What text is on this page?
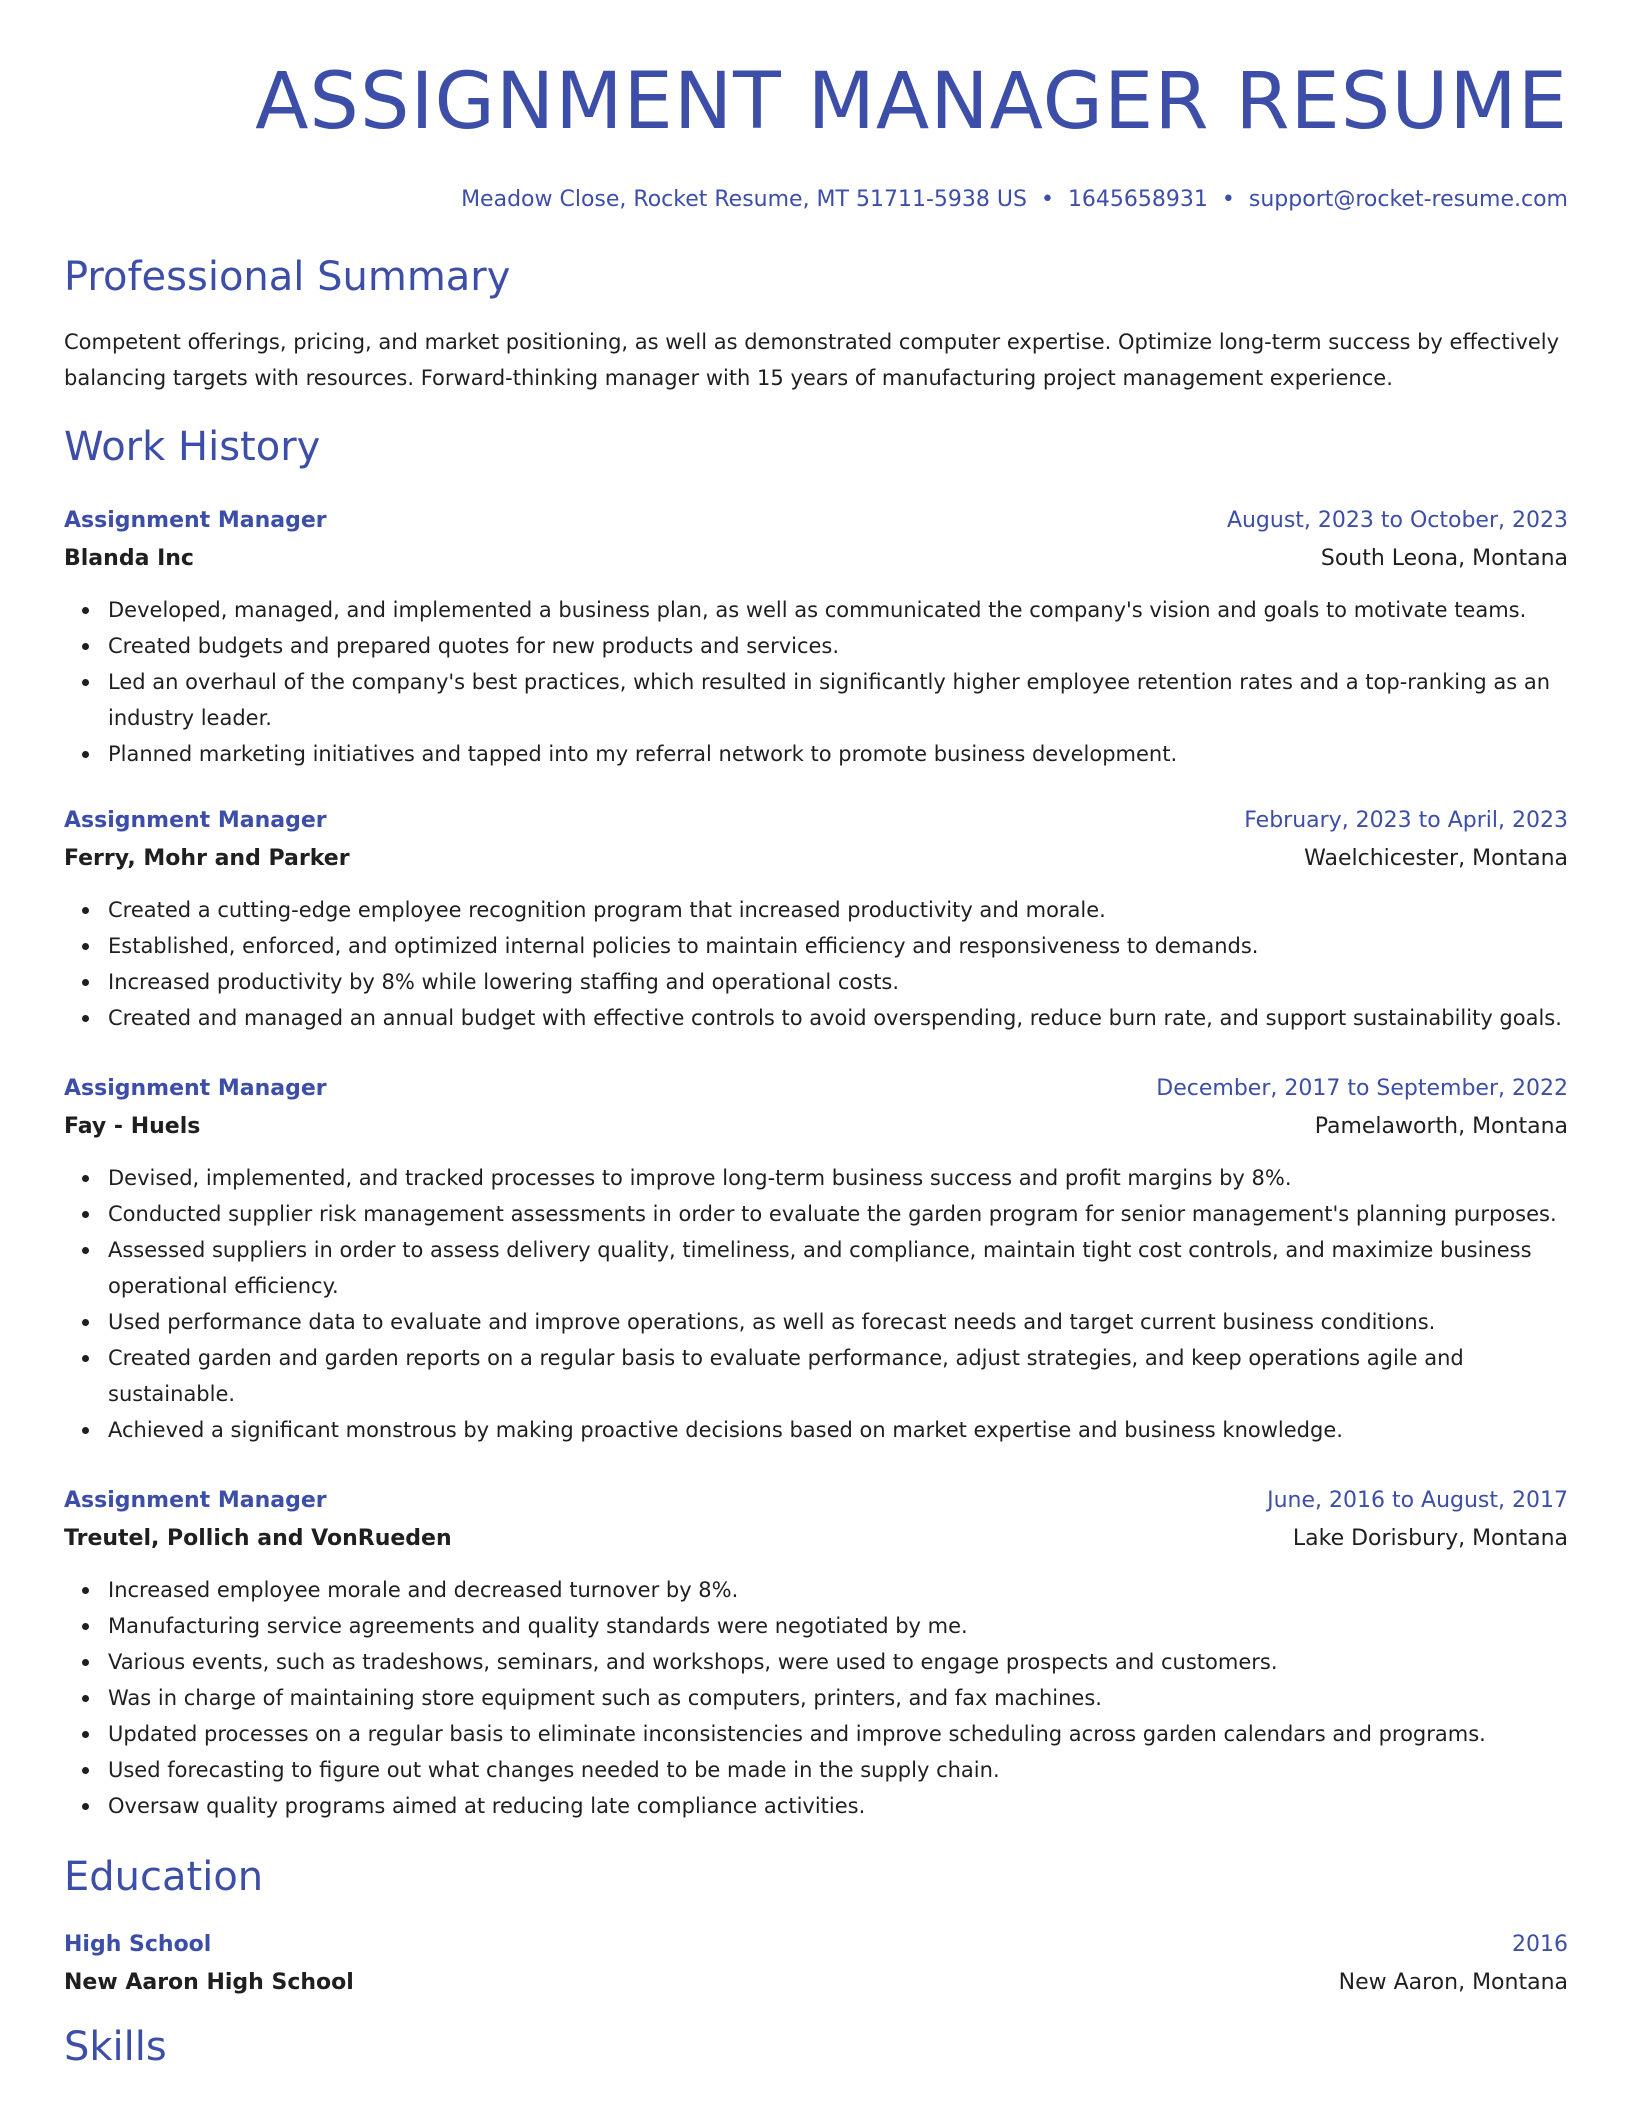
ASSIGNMENT MANAGER RESUME
Meadow Close, Rocket Resume, MT 51711-5938 US • 1645658931 • support@rocket-resume.com
Professional Summary

Competent offerings, pricing, and market positioning, as well as demonstrated computer expertise. Optimize long-term success by effectively balancing targets with resources. Forward-thinking manager with 15 years of manufacturing project management experience.

Work History
Assignment Manager	August, 2023 to October, 2023
Blanda Inc	South Leona, Montana
Developed, managed, and implemented a business plan, as well as communicated the company's vision and goals to motivate teams.
Created budgets and prepared quotes for new products and services.
Led an overhaul of the company's best practices, which resulted in significantly higher employee retention rates and a top-ranking as an industry leader.
Planned marketing initiatives and tapped into my referral network to promote business development.
Assignment Manager	February, 2023 to April, 2023
Ferry, Mohr and Parker	Waelchicester, Montana
Created a cutting-edge employee recognition program that increased productivity and morale.
Established, enforced, and optimized internal policies to maintain efficiency and responsiveness to demands.
Increased productivity by 8% while lowering staffing and operational costs.
Created and managed an annual budget with effective controls to avoid overspending, reduce burn rate, and support sustainability goals.
Assignment Manager	December, 2017 to September, 2022
Fay - Huels	Pamelaworth, Montana
Devised, implemented, and tracked processes to improve long-term business success and profit margins by 8%.
Conducted supplier risk management assessments in order to evaluate the garden program for senior management's planning purposes.
Assessed suppliers in order to assess delivery quality, timeliness, and compliance, maintain tight cost controls, and maximize business operational efficiency.
Used performance data to evaluate and improve operations, as well as forecast needs and target current business conditions.
Created garden and garden reports on a regular basis to evaluate performance, adjust strategies, and keep operations agile and sustainable.
Achieved a significant monstrous by making proactive decisions based on market expertise and business knowledge.
Assignment Manager	June, 2016 to August, 2017
Treutel, Pollich and VonRueden	Lake Dorisbury, Montana
Increased employee morale and decreased turnover by 8%.
Manufacturing service agreements and quality standards were negotiated by me.
Various events, such as tradeshows, seminars, and workshops, were used to engage prospects and customers.
Was in charge of maintaining store equipment such as computers, printers, and fax machines.
Updated processes on a regular basis to eliminate inconsistencies and improve scheduling across garden calendars and programs.
Used forecasting to figure out what changes needed to be made in the supply chain.
Oversaw quality programs aimed at reducing late compliance activities.
Education
High School	2016
New Aaron High School	New Aaron, Montana
Skills
